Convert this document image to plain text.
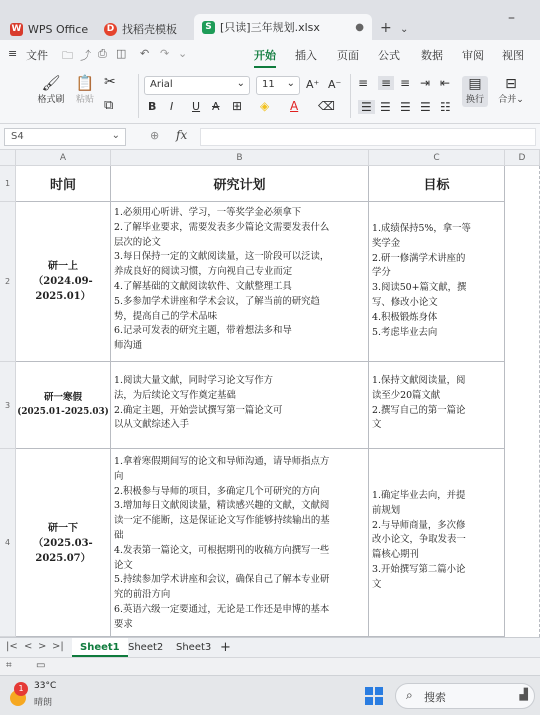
W WPS Office	D 找稻壳模板	S [只读]三年规划.xlsx	● + ⌄
–
≡ 文件 🗀 ⤴ ⎙ ◫ ↶ ↷ ⌄	开始 插入 页面 公式 数据 审阅 视图
🖌
格式刷
📋
粘贴
✂
⧉
Arial	⌄	11 ⌄ A⁺ A⁻
B I U A ⊞ ◈ A ⌫
≡ ≡ ≡ ⇥ ⇤
☰ ☰ ☰ ☰ ☷
▤
换行
⊟
合并⌄
S4	⌄	⊕ fx
A	B	C	D
1
2
3
4
时间	研究计划	目标
研一上
（2024.09-
2025.01）
1.必须用心听讲、学习，一等奖学金必须拿下
2.了解毕业要求，需要发表多少篇论文需要发表什么
层次的论文
3.每日保持一定的文献阅读量，这一阶段可以泛读，
养成良好的阅读习惯，方向视自己专业而定
4.了解基础的文献阅读软件、文献整理工具
5.多参加学术讲座和学术会议，了解当前的研究趋
势，提高自己的学术品味
6.记录可发表的研究主题，带着想法多和导
师沟通
1.成绩保持5%，拿一等
奖学金
2.研一修满学术讲座的
学分
3.阅读50+篇文献，撰
写、修改小论文
4.积极锻炼身体
5.考虑毕业去向
研一寒假
(2025.01-2025.03)
1.阅读大量文献，同时学习论文写作方
法，为后续论文写作奠定基础
2.确定主题，开始尝试撰写第一篇论文可
以从文献综述入手
1.保持文献阅读量，阅
读至少20篇文献
2.撰写自己的第一篇论
文
研一下
（2025.03-
2025.07）
1.拿着寒假期间写的论文和导师沟通，请导师指点方
向
2.积极参与导师的项目，多确定几个可研究的方向
3.增加每日文献阅读量，精读感兴趣的文献，文献阅
读一定不能断，这是保证论文写作能够持续输出的基
础
4.发表第一篇论文，可根据期刊的收稿方向撰写一些
论文
5.持续参加学术讲座和会议，确保自己了解本专业研
究的前沿方向
6.英语六级一定要通过，无论是工作还是申博的基本
要求
1.确定毕业去向，并提
前规划
2.与导师商量，多次修
改小论文，争取发表一
篇核心期刊
3.开始撰写第二篇小论
文
|< < > >|	Sheet1 Sheet2	Sheet3 +
⌗ ▭
1	33°C
晴朗
⌕ 搜索	▟
